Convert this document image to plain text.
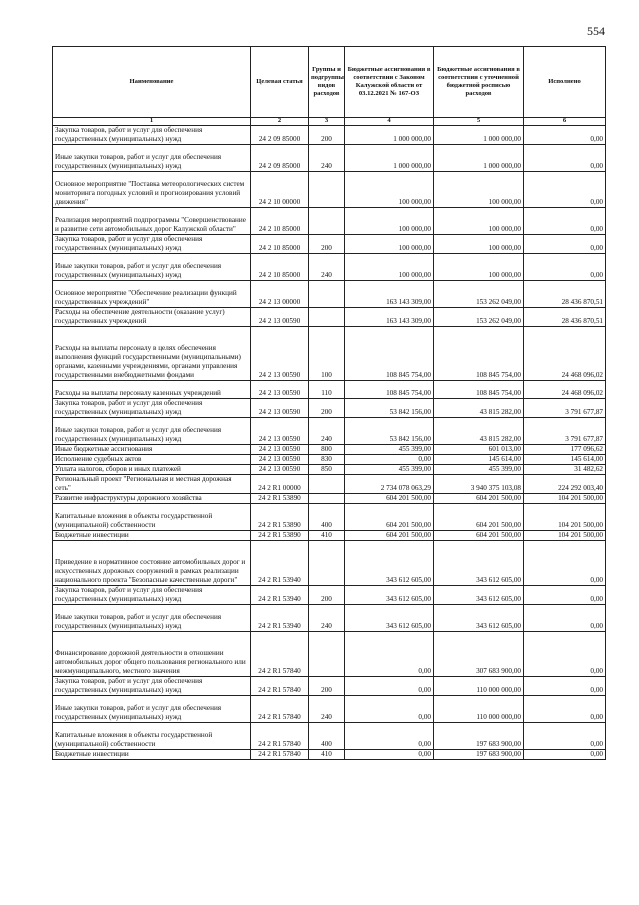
554
Наименование	Целевая статья	Группы и подгруппы видов расходов	Бюджетные ассигнования в соответствии с Законом Калужской области от 03.12.2021 № 167-ОЗ	Бюджетные ассигнования в соответствии с уточненной бюджетной росписью расходов	Исполнено
1	2	3	4	5	6
Закупка товаров, работ и услуг для обеспечения государственных (муниципальных) нужд	24 2 09 85000	200	1 000 000,00	1 000 000,00	0,00
Иные закупки товаров, работ и услуг для обеспечения государственных (муниципальных) нужд	24 2 09 85000	240	1 000 000,00	1 000 000,00	0,00
Основное мероприятие "Поставка метеорологических систем мониторинга погодных условий и прогнозирования условий движения"	24 2 10 00000		100 000,00	100 000,00	0,00
Реализация мероприятий подпрограммы "Совершенствование и развитие сети автомобильных дорог Калужской области"	24 2 10 85000		100 000,00	100 000,00	0,00
Закупка товаров, работ и услуг для обеспечения государственных (муниципальных) нужд	24 2 10 85000	200	100 000,00	100 000,00	0,00
Иные закупки товаров, работ и услуг для обеспечения государственных (муниципальных) нужд	24 2 10 85000	240	100 000,00	100 000,00	0,00
Основное мероприятие "Обеспечение реализации функций государственных учреждений"	24 2 13 00000		163 143 309,00	153 262 049,00	28 436 870,51
Расходы на обеспечение деятельности (оказание услуг) государственных учреждений	24 2 13 00590		163 143 309,00	153 262 049,00	28 436 870,51
Расходы на выплаты персоналу в целях обеспечения выполнения функций государственными (муниципальными) органами, казенными учреждениями, органами управления государственными внебюджетными фондами	24 2 13 00590	100	108 845 754,00	108 845 754,00	24 468 096,02
Расходы на выплаты персоналу казенных учреждений	24 2 13 00590	110	108 845 754,00	108 845 754,00	24 468 096,02
Закупка товаров, работ и услуг для обеспечения государственных (муниципальных) нужд	24 2 13 00590	200	53 842 156,00	43 815 282,00	3 791 677,87
Иные закупки товаров, работ и услуг для обеспечения государственных (муниципальных) нужд	24 2 13 00590	240	53 842 156,00	43 815 282,00	3 791 677,87
Иные бюджетные ассигнования	24 2 13 00590	800	455 399,00	601 013,00	177 096,62
Исполнение судебных актов	24 2 13 00590	830	0,00	145 614,00	145 614,00
Уплата налогов, сборов и иных платежей	24 2 13 00590	850	455 399,00	455 399,00	31 482,62
Региональный проект "Региональная и местная дорожная сеть"	24 2 R1 00000		2 734 078 063,29	3 940 375 103,08	224 292 003,40
Развитие инфраструктуры дорожного хозяйства	24 2 R1 53890		604 201 500,00	604 201 500,00	104 201 500,00
Капитальные вложения в объекты государственной (муниципальной) собственности	24 2 R1 53890	400	604 201 500,00	604 201 500,00	104 201 500,00
Бюджетные инвестиции	24 2 R1 53890	410	604 201 500,00	604 201 500,00	104 201 500,00
Приведение в нормативное состояние автомобильных дорог и искусственных дорожных сооружений в рамках реализации национального проекта "Безопасные качественные дороги"	24 2 R1 53940		343 612 605,00	343 612 605,00	0,00
Закупка товаров, работ и услуг для обеспечения государственных (муниципальных) нужд	24 2 R1 53940	200	343 612 605,00	343 612 605,00	0,00
Иные закупки товаров, работ и услуг для обеспечения государственных (муниципальных) нужд	24 2 R1 53940	240	343 612 605,00	343 612 605,00	0,00
Финансирование дорожной деятельности в отношении автомобильных дорог общего пользования регионального или межмуниципального, местного значения	24 2 R1 57840		0,00	307 683 900,00	0,00
Закупка товаров, работ и услуг для обеспечения государственных (муниципальных) нужд	24 2 R1 57840	200	0,00	110 000 000,00	0,00
Иные закупки товаров, работ и услуг для обеспечения государственных (муниципальных) нужд	24 2 R1 57840	240	0,00	110 000 000,00	0,00
Капитальные вложения в объекты государственной (муниципальной) собственности	24 2 R1 57840	400	0,00	197 683 900,00	0,00
Бюджетные инвестиции	24 2 R1 57840	410	0,00	197 683 900,00	0,00
